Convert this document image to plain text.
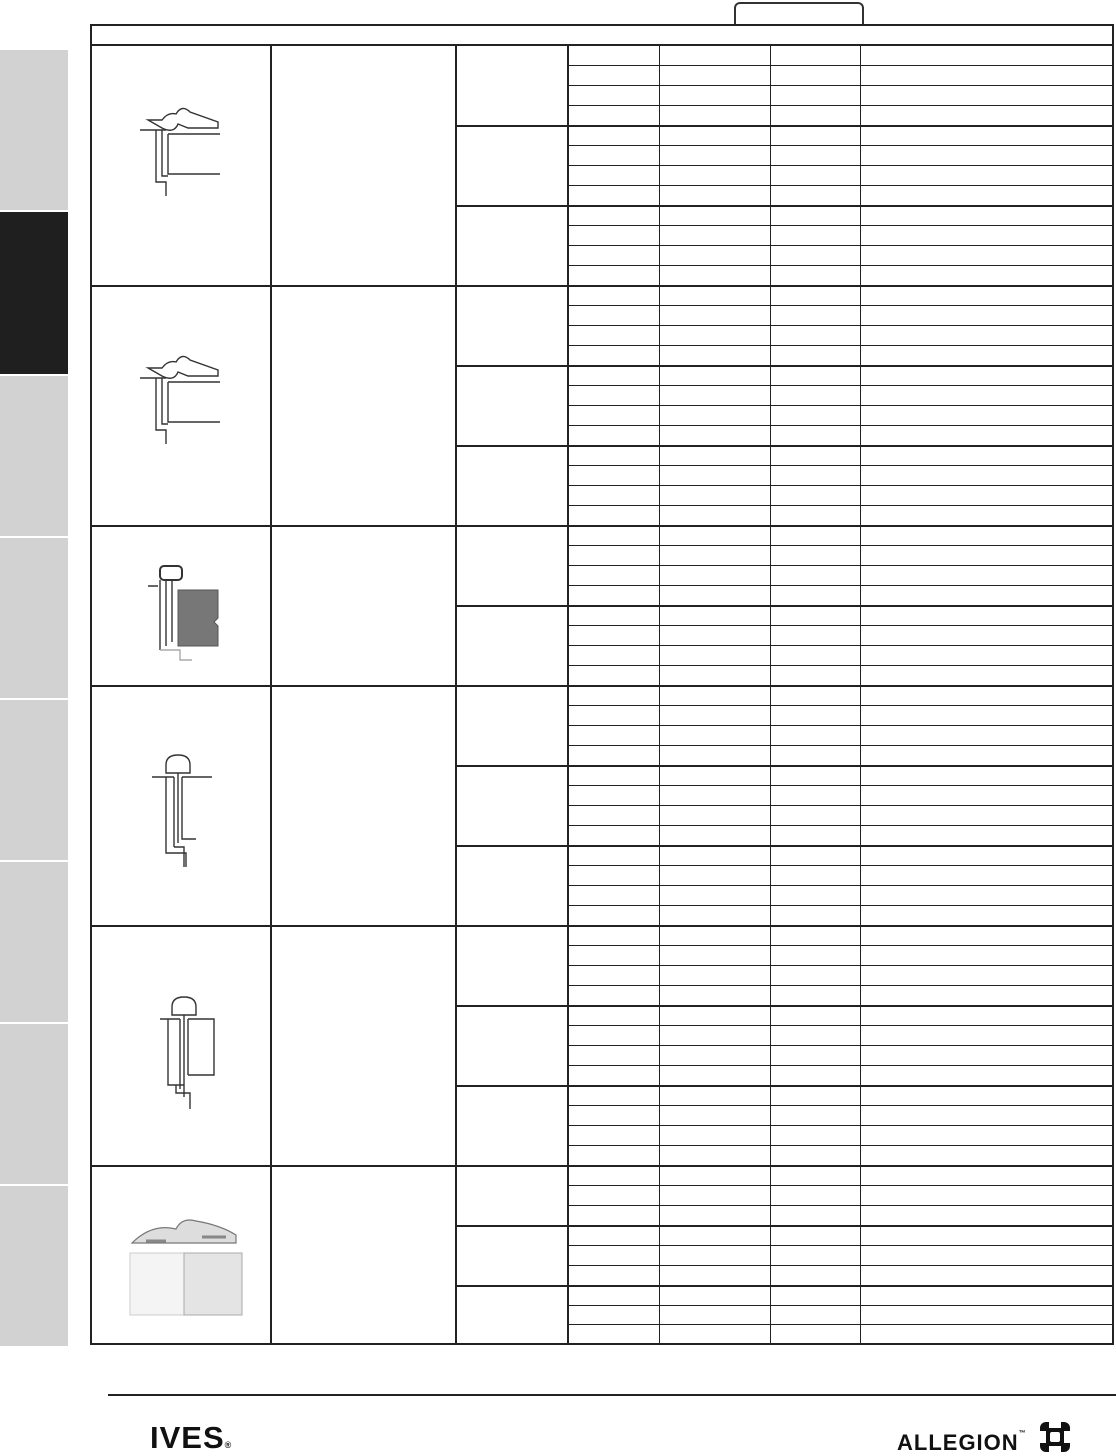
IVES®	ALLEGION™
